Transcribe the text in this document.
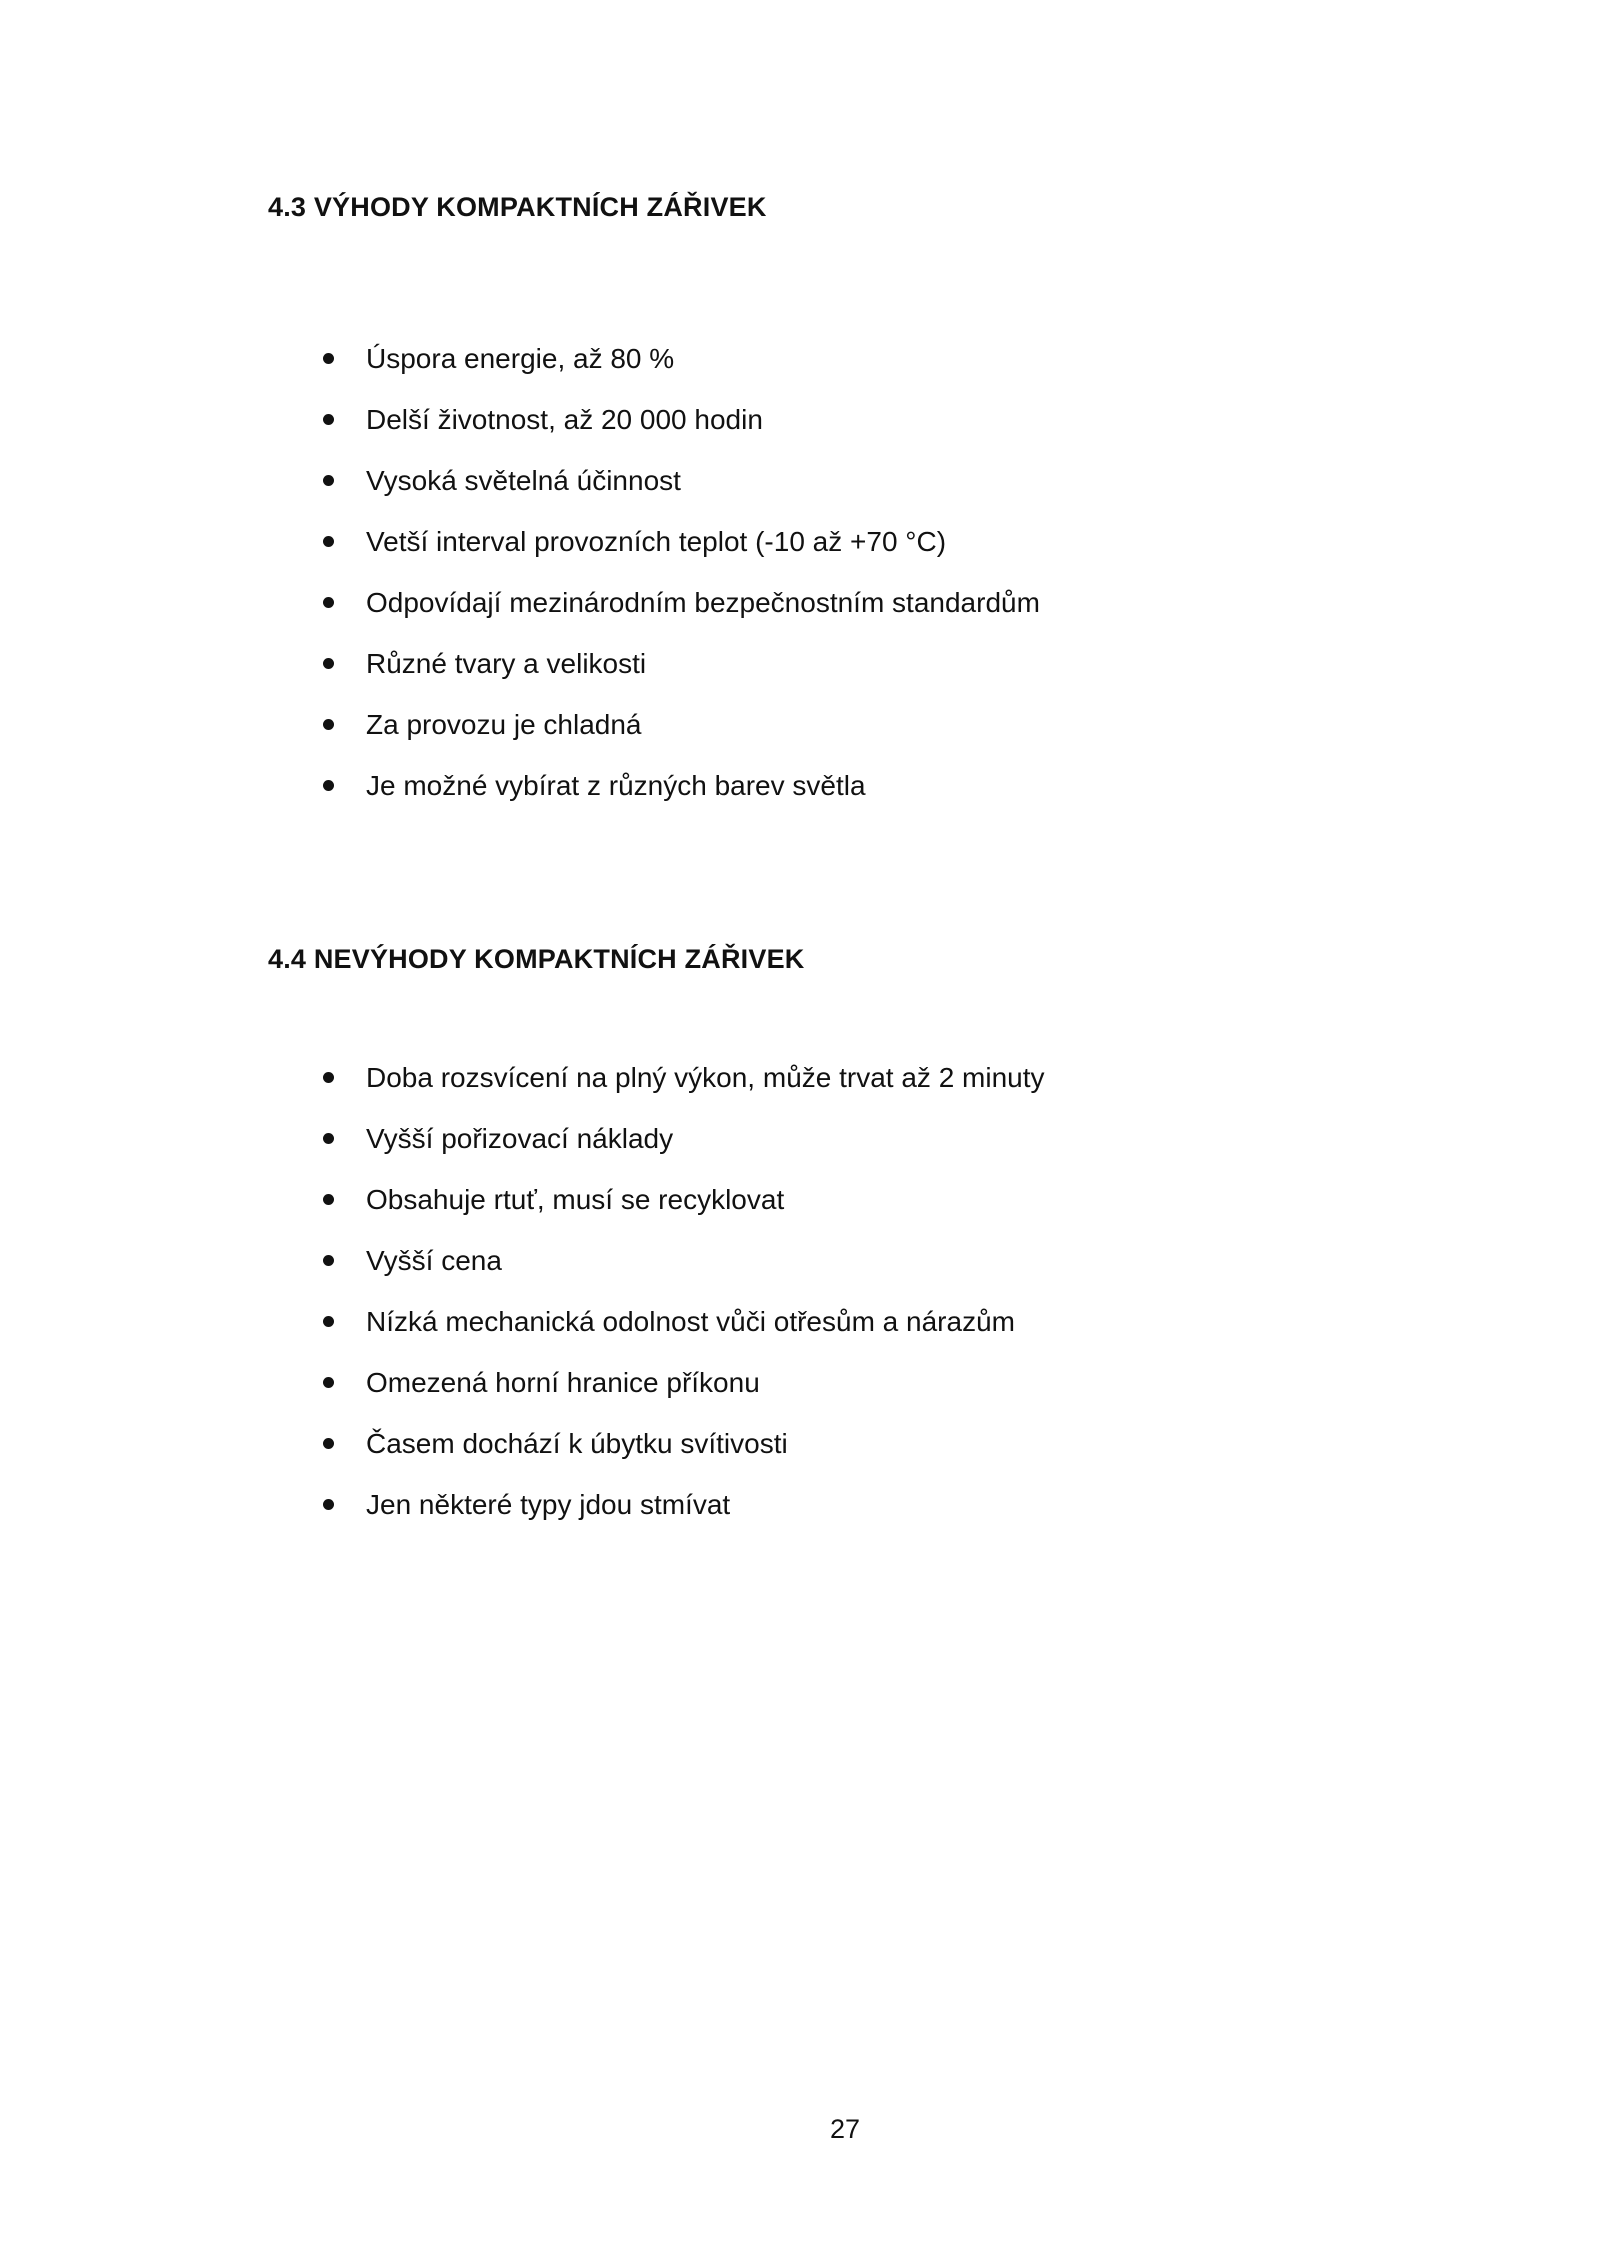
4.3 VÝHODY KOMPAKTNÍCH ZÁŘIVEK
Úspora energie, až 80 %
Delší životnost, až 20 000 hodin
Vysoká světelná účinnost
Vetší interval provozních teplot (-10 až +70 °C)
Odpovídají mezinárodním bezpečnostním standardům
Různé tvary a velikosti
Za provozu je chladná
Je možné vybírat z různých barev světla
4.4 NEVÝHODY KOMPAKTNÍCH ZÁŘIVEK
Doba rozsvícení na plný výkon, může trvat až 2 minuty
Vyšší pořizovací náklady
Obsahuje rtuť, musí se recyklovat
Vyšší cena
Nízká mechanická odolnost vůči otřesům a nárazům
Omezená horní hranice příkonu
Časem dochází k úbytku svítivosti
Jen některé typy jdou stmívat
27
